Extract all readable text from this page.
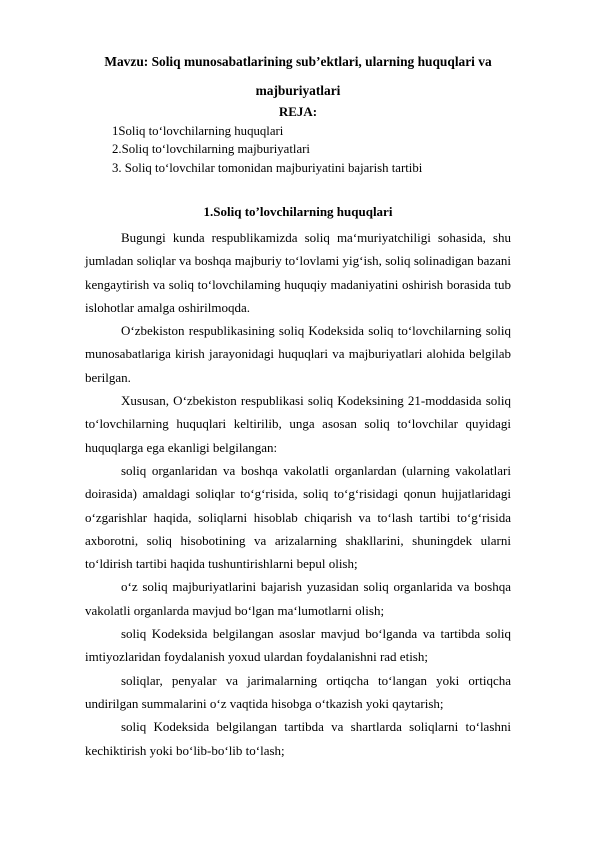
Mavzu: Soliq munosabatlarining sub’ektlari, ularning huquqlari va
majburiyatlari
REJA:
1Soliq to‘lovchilarning huquqlari
2.Soliq to‘lovchilarning majburiyatlari
3. Soliq to‘lovchilar tomonidan majburiyatini bajarish tartibi
1.Soliq to’lovchilarning huquqlari

Bugungi kunda respublikamizda soliq ma‘muriyatchiligi sohasida, shu jumladan soliqlar va boshqa majburiy to‘lovlami yig‘ish, soliq solinadigan bazani kengaytirish va soliq to‘lovchilaming huquqiy madaniyatini oshirish borasida tub islohotlar amalga oshirilmoqda.

O‘zbekiston respublikasining soliq Kodeksida soliq to‘lovchilarning soliq munosabatlariga kirish jarayonidagi huquqlari va majburiyatlari alohida belgilab berilgan.

Xususan, O‘zbekiston respublikasi soliq Kodeksining 21-moddasida soliq to‘lovchilarning huquqlari keltirilib, unga asosan soliq to‘lovchilar quyidagi huquqlarga ega ekanligi belgilangan:

soliq organlaridan va boshqa vakolatli organlardan (ularning vakolatlari doirasida) amaldagi soliqlar to‘g‘risida, soliq to‘g‘risidagi qonun hujjatlaridagi o‘zgarishlar haqida, soliqlarni hisoblab chiqarish va to‘lash tartibi to‘g‘risida axborotni, soliq hisobotining va arizalarning shakllarini, shuningdek ularni to‘ldirish tartibi haqida tushuntirishlarni bepul olish;

o‘z soliq majburiyatlarini bajarish yuzasidan soliq organlarida va boshqa vakolatli organlarda mavjud bo‘lgan ma‘lumotlarni olish;

soliq Kodeksida belgilangan asoslar mavjud bo‘lganda va tartibda soliq imtiyozlaridan foydalanish yoxud ulardan foydalanishni rad etish;

soliqlar, penyalar va jarimalarning ortiqcha to‘langan yoki ortiqcha undirilgan summalarini o‘z vaqtida hisobga o‘tkazish yoki qaytarish;

soliq Kodeksida belgilangan tartibda va shartlarda soliqlarni to‘lashni kechiktirish yoki bo‘lib-bo‘lib to‘lash;
